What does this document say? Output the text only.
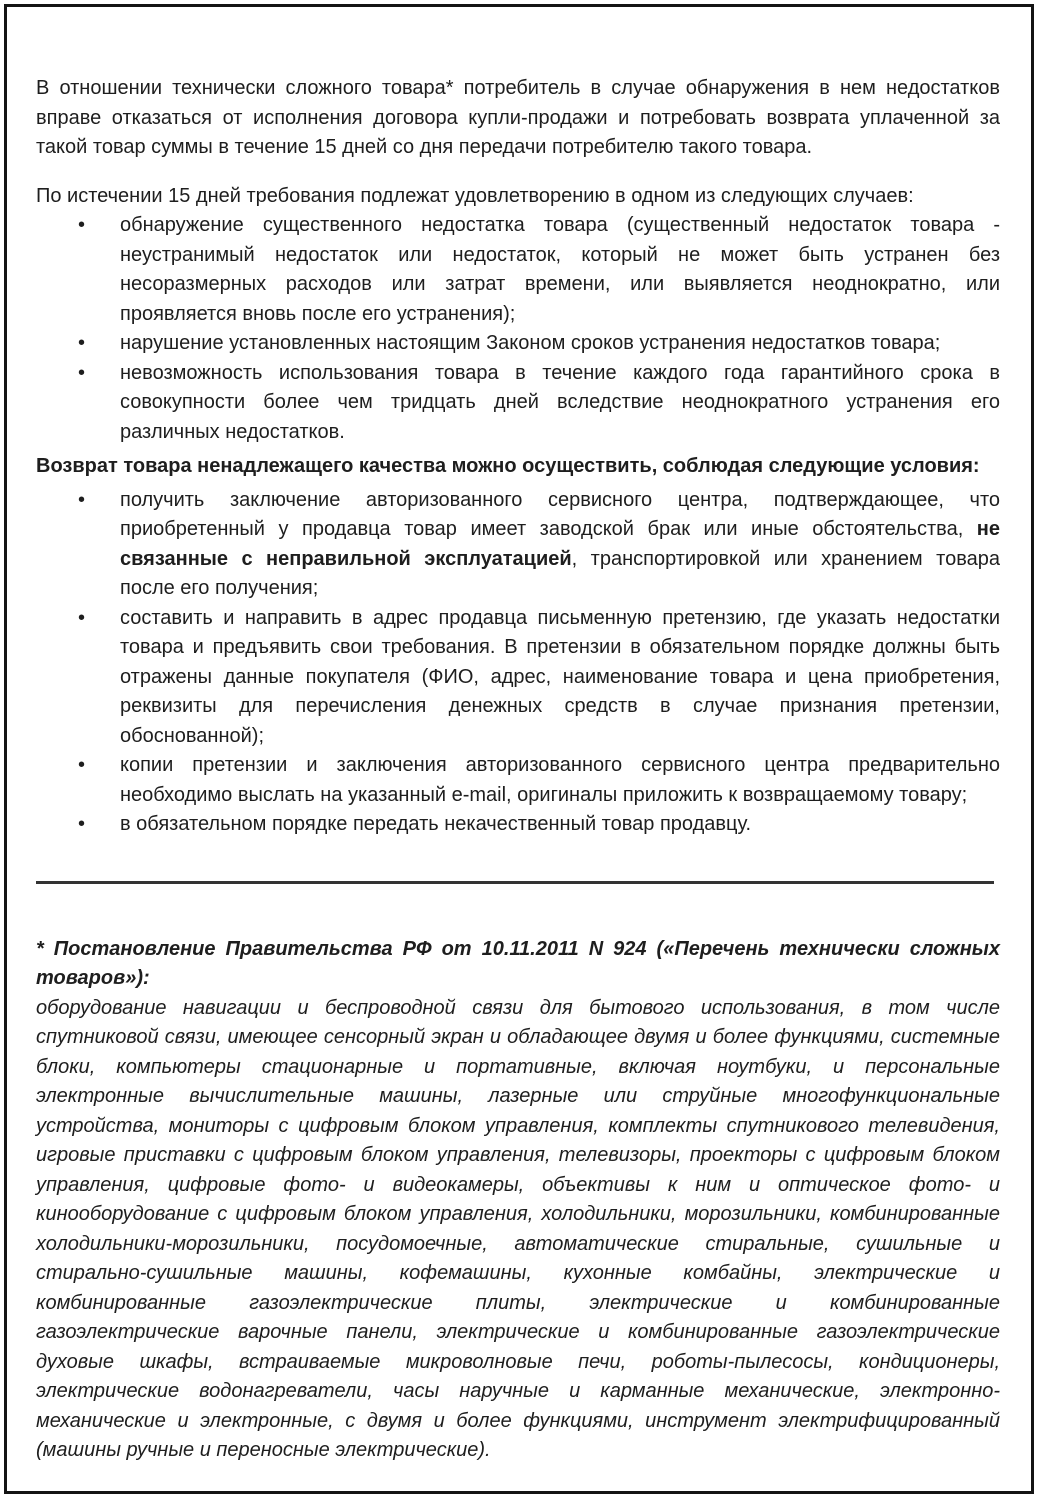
В отношении технически сложного товара* потребитель в случае обнаружения в нем недостатков вправе отказаться от исполнения договора купли-продажи и потребовать возврата уплаченной за такой товар суммы в течение 15 дней со дня передачи потребителю такого товара.

По истечении 15 дней требования подлежат удовлетворению в одном из следующих случаев:

• обнаружение существенного недостатка товара (существенный недостаток товара - неустранимый недостаток или недостаток, который не может быть устранен без несоразмерных расходов или затрат времени, или выявляется неоднократно, или проявляется вновь после его устранения);
• нарушение установленных настоящим Законом сроков устранения недостатков товара;
• невозможность использования товара в течение каждого года гарантийного срока в совокупности более чем тридцать дней вследствие неоднократного устранения его различных недостатков.

Возврат товара ненадлежащего качества можно осуществить, соблюдая следующие условия:

• получить заключение авторизованного сервисного центра, подтверждающее, что приобретенный у продавца товар имеет заводской брак или иные обстоятельства, не связанные с неправильной эксплуатацией, транспортировкой или хранением товара после его получения;
• составить и направить в адрес продавца письменную претензию, где указать недостатки товара и предъявить свои требования. В претензии в обязательном порядке должны быть отражены данные покупателя (ФИО, адрес, наименование товара и цена приобретения, реквизиты для перечисления денежных средств в случае признания претензии, обоснованной);
• копии претензии и заключения авторизованного сервисного центра предварительно необходимо выслать на указанный e-mail, оригиналы приложить к возвращаемому товару;
• в обязательном порядке передать некачественный товар продавцу.
* Постановление Правительства РФ от 10.11.2011 N 924 («Перечень технически сложных товаров»):
оборудование навигации и беспроводной связи для бытового использования, в том числе спутниковой связи, имеющее сенсорный экран и обладающее двумя и более функциями, системные блоки, компьютеры стационарные и портативные, включая ноутбуки, и персональные электронные вычислительные машины, лазерные или струйные многофункциональные устройства, мониторы с цифровым блоком управления, комплекты спутникового телевидения, игровые приставки с цифровым блоком управления, телевизоры, проекторы с цифровым блоком управления, цифровые фото- и видеокамеры, объективы к ним и оптическое фото- и кинооборудование с цифровым блоком управления, холодильники, морозильники, комбинированные холодильники-морозильники, посудомоечные, автоматические стиральные, сушильные и стирально-сушильные машины, кофемашины, кухонные комбайны, электрические и комбинированные газоэлектрические плиты, электрические и комбинированные газоэлектрические варочные панели, электрические и комбинированные газоэлектрические духовые шкафы, встраиваемые микроволновые печи, роботы-пылесосы, кондиционеры, электрические водонагреватели, часы наручные и карманные механические, электронно-механические и электронные, с двумя и более функциями, инструмент электрифицированный (машины ручные и переносные электрические).
